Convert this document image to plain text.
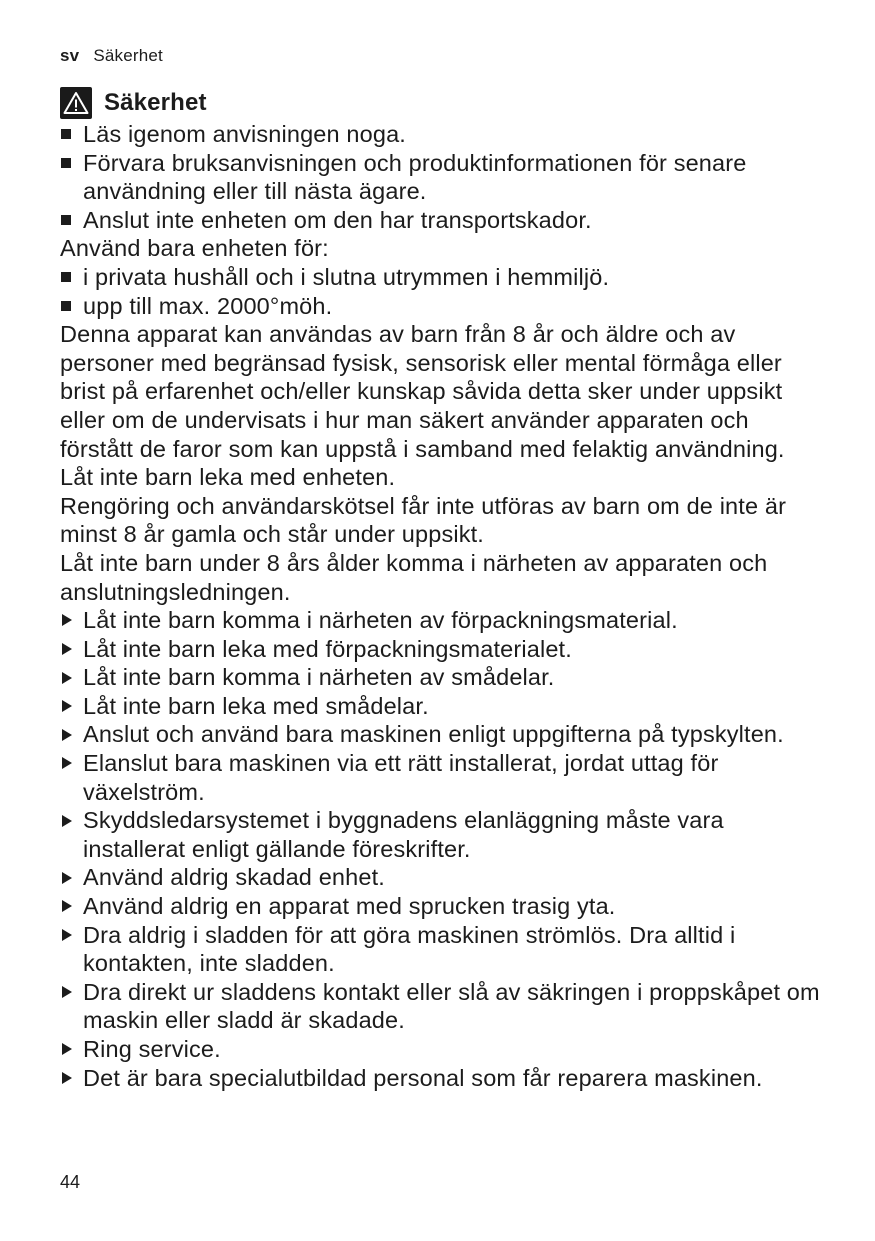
sv Säkerhet
Säkerhet
Läs igenom anvisningen noga.
Förvara bruksanvisningen och produktinformationen för senare användning eller till nästa ägare.
Anslut inte enheten om den har transportskador.
Använd bara enheten för:
i privata hushåll och i slutna utrymmen i hemmiljö.
upp till max. 2000°möh.
Denna apparat kan användas av barn från 8 år och äldre och av personer med begränsad fysisk, sensorisk eller mental förmåga eller brist på erfarenhet och/eller kunskap såvida detta sker under uppsikt eller om de undervisats i hur man säkert använder apparaten och förstått de faror som kan uppstå i samband med felaktig användning.
Låt inte barn leka med enheten.
Rengöring och användarskötsel får inte utföras av barn om de inte är minst 8 år gamla och står under uppsikt.
Låt inte barn under 8 års ålder komma i närheten av apparaten och anslutningsledningen.
Låt inte barn komma i närheten av förpackningsmaterial.
Låt inte barn leka med förpackningsmaterialet.
Låt inte barn komma i närheten av smådelar.
Låt inte barn leka med smådelar.
Anslut och använd bara maskinen enligt uppgifterna på typskylten.
Elanslut bara maskinen via ett rätt installerat, jordat uttag för växelström.
Skyddsledarsystemet i byggnadens elanläggning måste vara installerat enligt gällande föreskrifter.
Använd aldrig skadad enhet.
Använd aldrig en apparat med sprucken trasig yta.
Dra aldrig i sladden för att göra maskinen strömlös. Dra alltid i kontakten, inte sladden.
Dra direkt ur sladdens kontakt eller slå av säkringen i proppskåpet om maskin eller sladd är skadade.
Ring service.
Det är bara specialutbildad personal som får reparera maskinen.
44
